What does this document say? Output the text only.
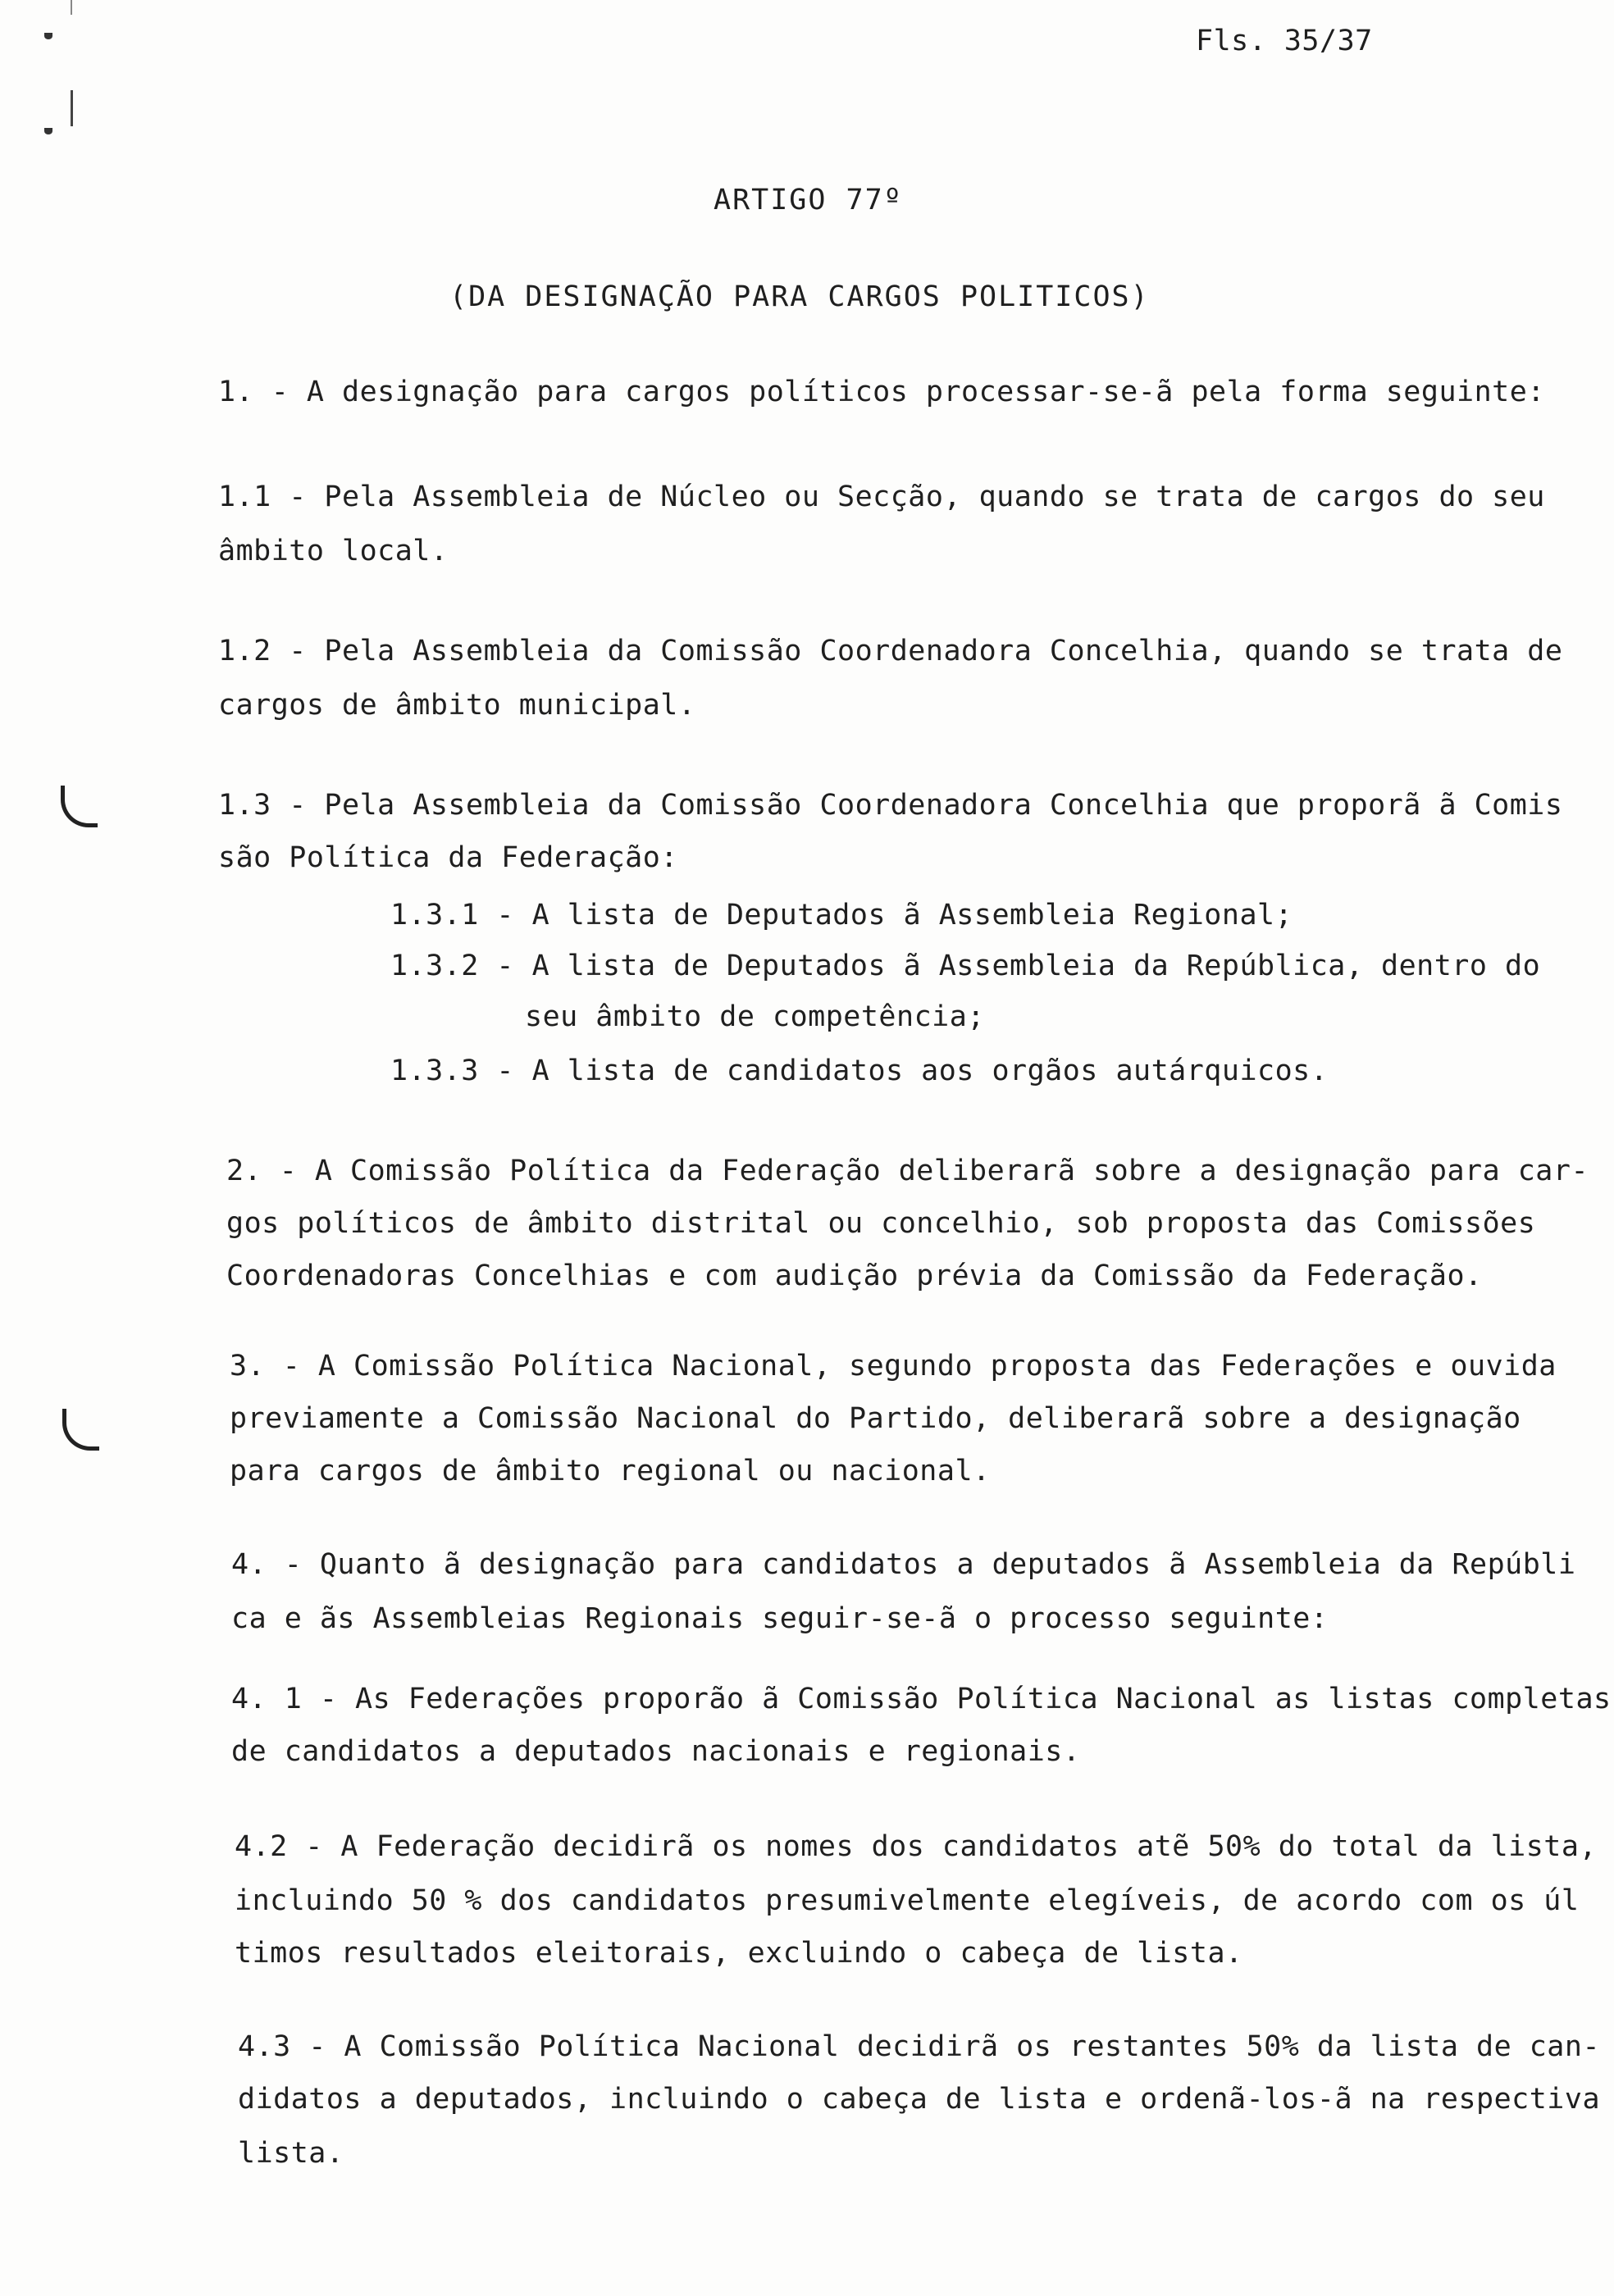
Fls. 35/37
ARTIGO 77º
(DA DESIGNAÇÃO PARA CARGOS POLITICOS)
1. - A designação para cargos políticos processar-se-ã pela forma seguinte:
1.1 - Pela Assembleia de Núcleo ou Secção, quando se trata de cargos do seu
âmbito local.
1.2 - Pela Assembleia da Comissão Coordenadora Concelhia, quando se trata de
cargos de âmbito municipal.
1.3 - Pela Assembleia da Comissão Coordenadora Concelhia que proporã ã Comis
são Política da Federação:
1.3.1 - A lista de Deputados ã Assembleia Regional;
1.3.2 - A lista de Deputados ã Assembleia da República, dentro do
seu âmbito de competência;
1.3.3 - A lista de candidatos aos orgãos autárquicos.
2. - A Comissão Política da Federação deliberarã sobre a designação para car-
gos políticos de âmbito distrital ou concelhio, sob proposta das Comissões
Coordenadoras Concelhias e com audição prévia da Comissão da Federação.
3. - A Comissão Política Nacional, segundo proposta das Federações e ouvida
previamente a Comissão Nacional do Partido, deliberarã sobre a designação
para cargos de âmbito regional ou nacional.
4. - Quanto ã designação para candidatos a deputados ã Assembleia da Repúbli
ca e ãs Assembleias Regionais seguir-se-ã o processo seguinte:
4. 1 - As Federações proporão ã Comissão Política Nacional as listas completas
de candidatos a deputados nacionais e regionais.
4.2 - A Federação decidirã os nomes dos candidatos atẽ 50% do total da lista,
incluindo 50 % dos candidatos presumivelmente elegíveis, de acordo com os úl
timos resultados eleitorais, excluindo o cabeça de lista.
4.3 - A Comissão Política Nacional decidirã os restantes 50% da lista de can-
didatos a deputados, incluindo o cabeça de lista e ordenã-los-ã na respectiva
lista.
